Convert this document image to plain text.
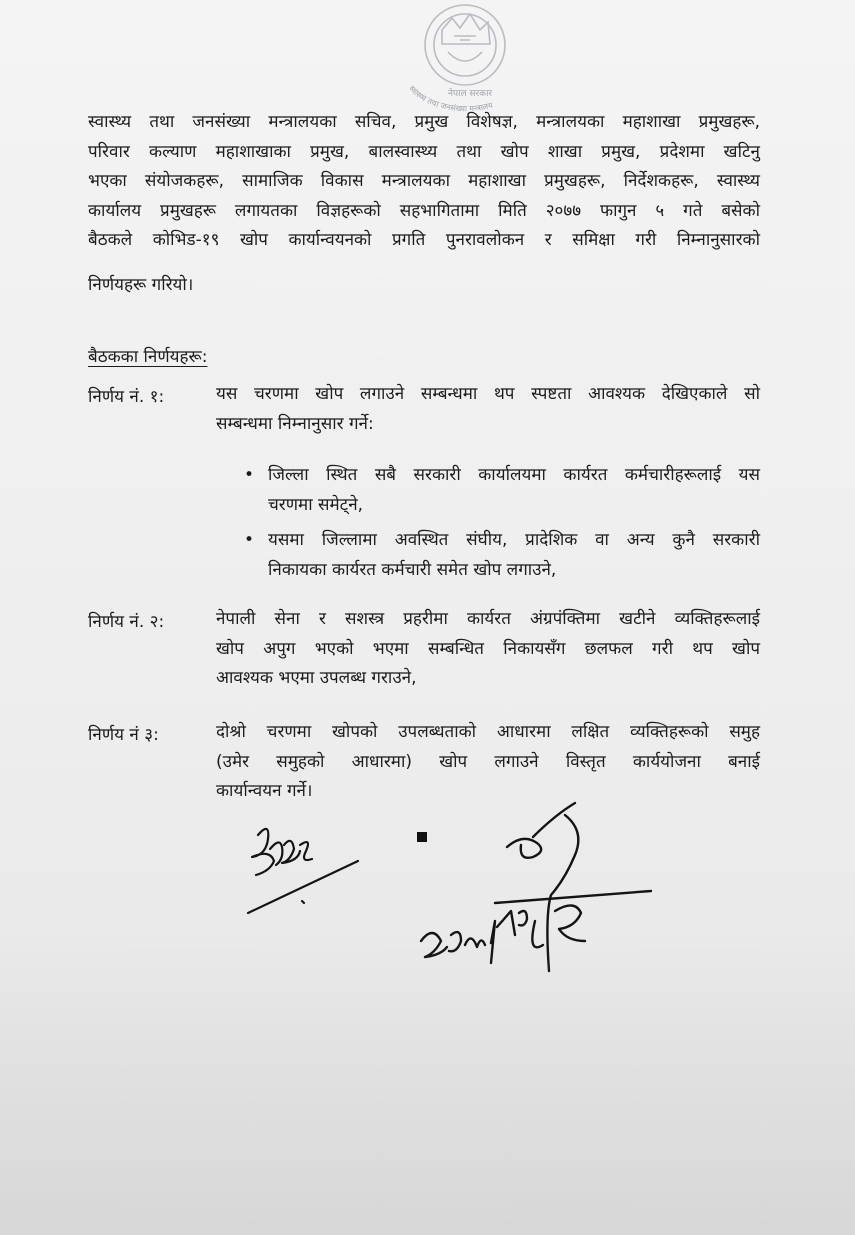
नेपाल सरकार
स्वास्थ्य तथा जनसंख्या मन्त्रालय
स्वास्थ्य तथा जनसंख्या मन्त्रालयका सचिव, प्रमुख विशेषज्ञ, मन्त्रालयका महाशाखा प्रमुखहरू,
परिवार कल्याण महाशाखाका प्रमुख, बालस्वास्थ्य तथा खोप शाखा प्रमुख, प्रदेशमा खटिनु
भएका संयोजकहरू, सामाजिक विकास मन्त्रालयका महाशाखा प्रमुखहरू, निर्देशकहरू, स्वास्थ्य
कार्यालय प्रमुखहरू लगायतका विज्ञहरूको सहभागितामा मिति २०७७ फागुन ५ गते बसेको
बैठकले कोभिड-१९ खोप कार्यान्वयनको प्रगति पुनरावलोकन र समिक्षा गरी निम्नानुसारको
निर्णयहरू गरियो।
बैठकका निर्णयहरू:
निर्णय नं. १:	यस चरणमा खोप लगाउने सम्बन्धमा थप स्पष्टता आवश्यक देखिएकाले सो
सम्बन्धमा निम्नानुसार गर्ने:
• जिल्ला स्थित सबै सरकारी कार्यालयमा कार्यरत कर्मचारीहरूलाई यस
चरणमा समेट्ने,
• यसमा जिल्लामा अवस्थित संघीय, प्रादेशिक वा अन्य कुनै सरकारी
निकायका कार्यरत कर्मचारी समेत खोप लगाउने,
निर्णय नं. २:	नेपाली सेना र सशस्त्र प्रहरीमा कार्यरत अंग्रपंक्तिमा खटीने व्यक्तिहरूलाई
खोप अपुग भएको भएमा सम्बन्धित निकायसँग छलफल गरी थप खोप
आवश्यक भएमा उपलब्ध गराउने,
निर्णय नं ३:	दोश्रो चरणमा खोपको उपलब्धताको आधारमा लक्षित व्यक्तिहरूको समुह
(उमेर समुहको आधारमा) खोप लगाउने विस्तृत कार्ययोजना बनाई
कार्यान्वयन गर्ने।
